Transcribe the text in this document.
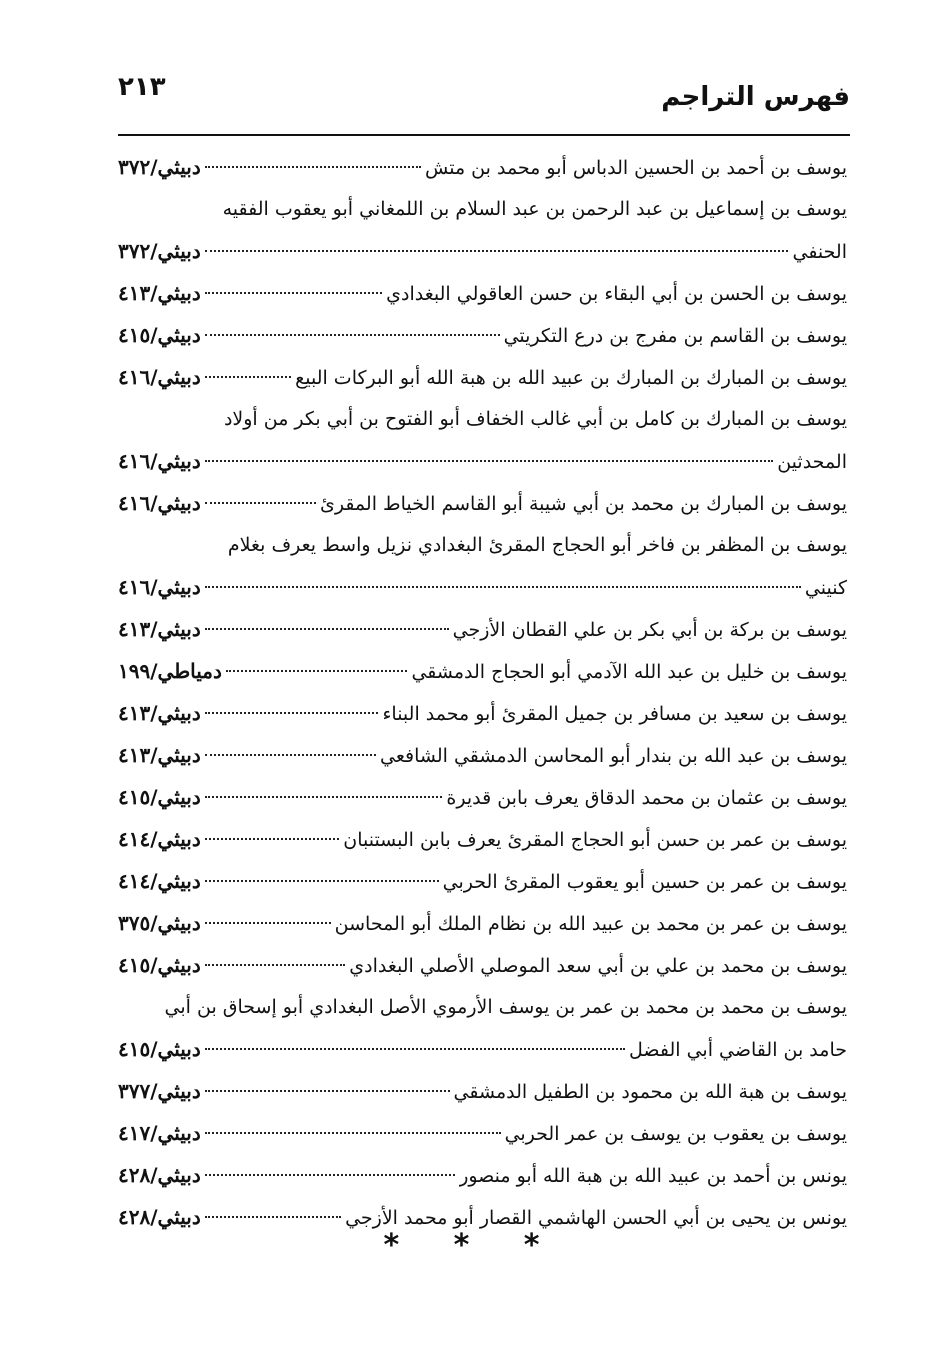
فهرس التراجم
٢١٣
يوسف بن أحمد بن الحسين الدباس أبو محمد بن متش
دبيثي/٣٧٢
يوسف بن إسماعيل بن عبد الرحمن بن عبد السلام بن اللمغاني أبو يعقوب الفقيه
الحنفي
دبيثي/٣٧٢
يوسف بن الحسن بن أبي البقاء بن حسن العاقولي البغدادي
دبيثي/٤١٣
يوسف بن القاسم بن مفرج بن درع التكريتي
دبيثي/٤١٥
يوسف بن المبارك بن المبارك بن عبيد الله بن هبة الله أبو البركات البيع
دبيثي/٤١٦
يوسف بن المبارك بن كامل بن أبي غالب الخفاف أبو الفتوح بن أبي بكر من أولاد
المحدثين
دبيثي/٤١٦
يوسف بن المبارك بن محمد بن أبي شيبة أبو القاسم الخياط المقرئ
دبيثي/٤١٦
يوسف بن المظفر بن فاخر أبو الحجاج المقرئ البغدادي نزيل واسط يعرف بغلام
كنيني
دبيثي/٤١٦
يوسف بن بركة بن أبي بكر بن علي القطان الأزجي
دبيثي/٤١٣
يوسف بن خليل بن عبد الله الآدمي أبو الحجاج الدمشقي
دمياطي/١٩٩
يوسف بن سعيد بن مسافر بن جميل المقرئ أبو محمد البناء
دبيثي/٤١٣
يوسف بن عبد الله بن بندار أبو المحاسن الدمشقي الشافعي
دبيثي/٤١٣
يوسف بن عثمان بن محمد الدقاق يعرف بابن قديرة
دبيثي/٤١٥
يوسف بن عمر بن حسن أبو الحجاج المقرئ يعرف بابن البستنبان
دبيثي/٤١٤
يوسف بن عمر بن حسين أبو يعقوب المقرئ الحربي
دبيثي/٤١٤
يوسف بن عمر بن محمد بن عبيد الله بن نظام الملك أبو المحاسن
دبيثي/٣٧٥
يوسف بن محمد بن علي بن أبي سعد الموصلي الأصلي البغدادي
دبيثي/٤١٥
يوسف بن محمد بن محمد بن عمر بن يوسف الأرموي الأصل البغدادي أبو إسحاق بن أبي
حامد بن القاضي أبي الفضل
دبيثي/٤١٥
يوسف بن هبة الله بن محمود بن الطفيل الدمشقي
دبيثي/٣٧٧
يوسف بن يعقوب بن يوسف بن عمر الحربي
دبيثي/٤١٧
يونس بن أحمد بن عبيد الله بن هبة الله أبو منصور
دبيثي/٤٢٨
يونس بن يحيى بن أبي الحسن الهاشمي القصار أبو محمد الأزجي
دبيثي/٤٢٨
* * *
